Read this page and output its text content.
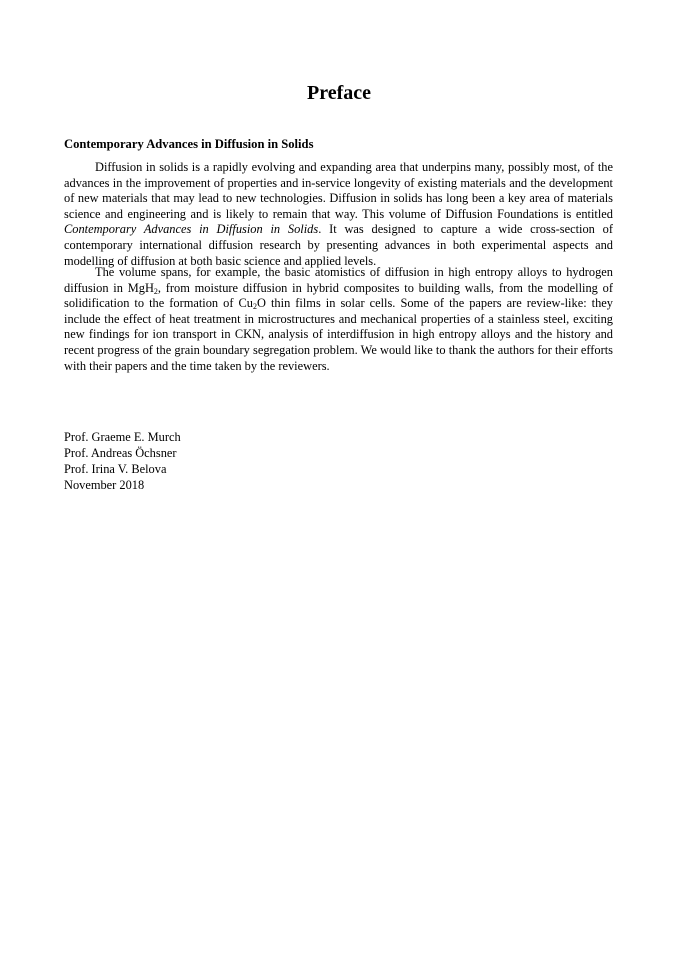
Preface
Contemporary Advances in Diffusion in Solids

Diffusion in solids is a rapidly evolving and expanding area that underpins many, possibly most, of the advances in the improvement of properties and in-service longevity of existing materials and the development of new materials that may lead to new technologies. Diffusion in solids has long been a key area of materials science and engineering and is likely to remain that way. This volume of Diffusion Foundations is entitled Contemporary Advances in Diffusion in Solids. It was designed to capture a wide cross-section of contemporary international diffusion research by presenting advances in both experimental aspects and modelling of diffusion at both basic science and applied levels.

The volume spans, for example, the basic atomistics of diffusion in high entropy alloys to hydrogen diffusion in MgH$_2$, from moisture diffusion in hybrid composites to building walls, from the modelling of solidification to the formation of $Cu_2O$ thin films in solar cells. Some of the papers are review-like: they include the effect of heat treatment in microstructures and mechanical properties of a stainless steel, exciting new findings for ion transport in CKN, analysis of interdiffusion in high entropy alloys and the history and recent progress of the grain boundary segregation problem. We would like to thank the authors for their efforts with their papers and the time taken by the reviewers.

Prof. Graeme E. Murch
Prof. Andreas Öchsner
Prof. Irina V. Belova
November 2018
